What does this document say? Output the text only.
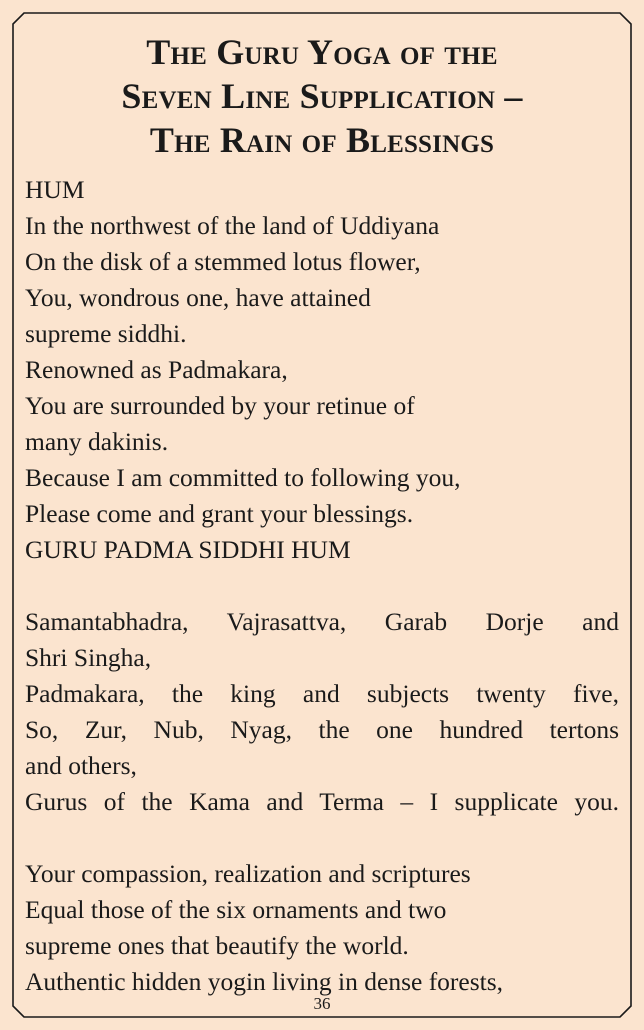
The Guru Yoga of the
Seven Line Supplication –
The Rain of Blessings
HUM
In the northwest of the land of Uddiyana
On the disk of a stemmed lotus flower,
You, wondrous one, have attained
supreme siddhi.
Renowned as Padmakara,
You are surrounded by your retinue of
many dakinis.
Because I am committed to following you,
Please come and grant your blessings.
GURU PADMA SIDDHI HUM
Samantabhadra, Vajrasattva, Garab Dorje and
Shri Singha,
Padmakara, the king and subjects twenty five,
So, Zur, Nub, Nyag, the one hundred tertons
and others,
Gurus of the Kama and Terma – I supplicate you.
Your compassion, realization and scriptures
Equal those of the six ornaments and two
supreme ones that beautify the world.
Authentic hidden yogin living in dense forests,
36
